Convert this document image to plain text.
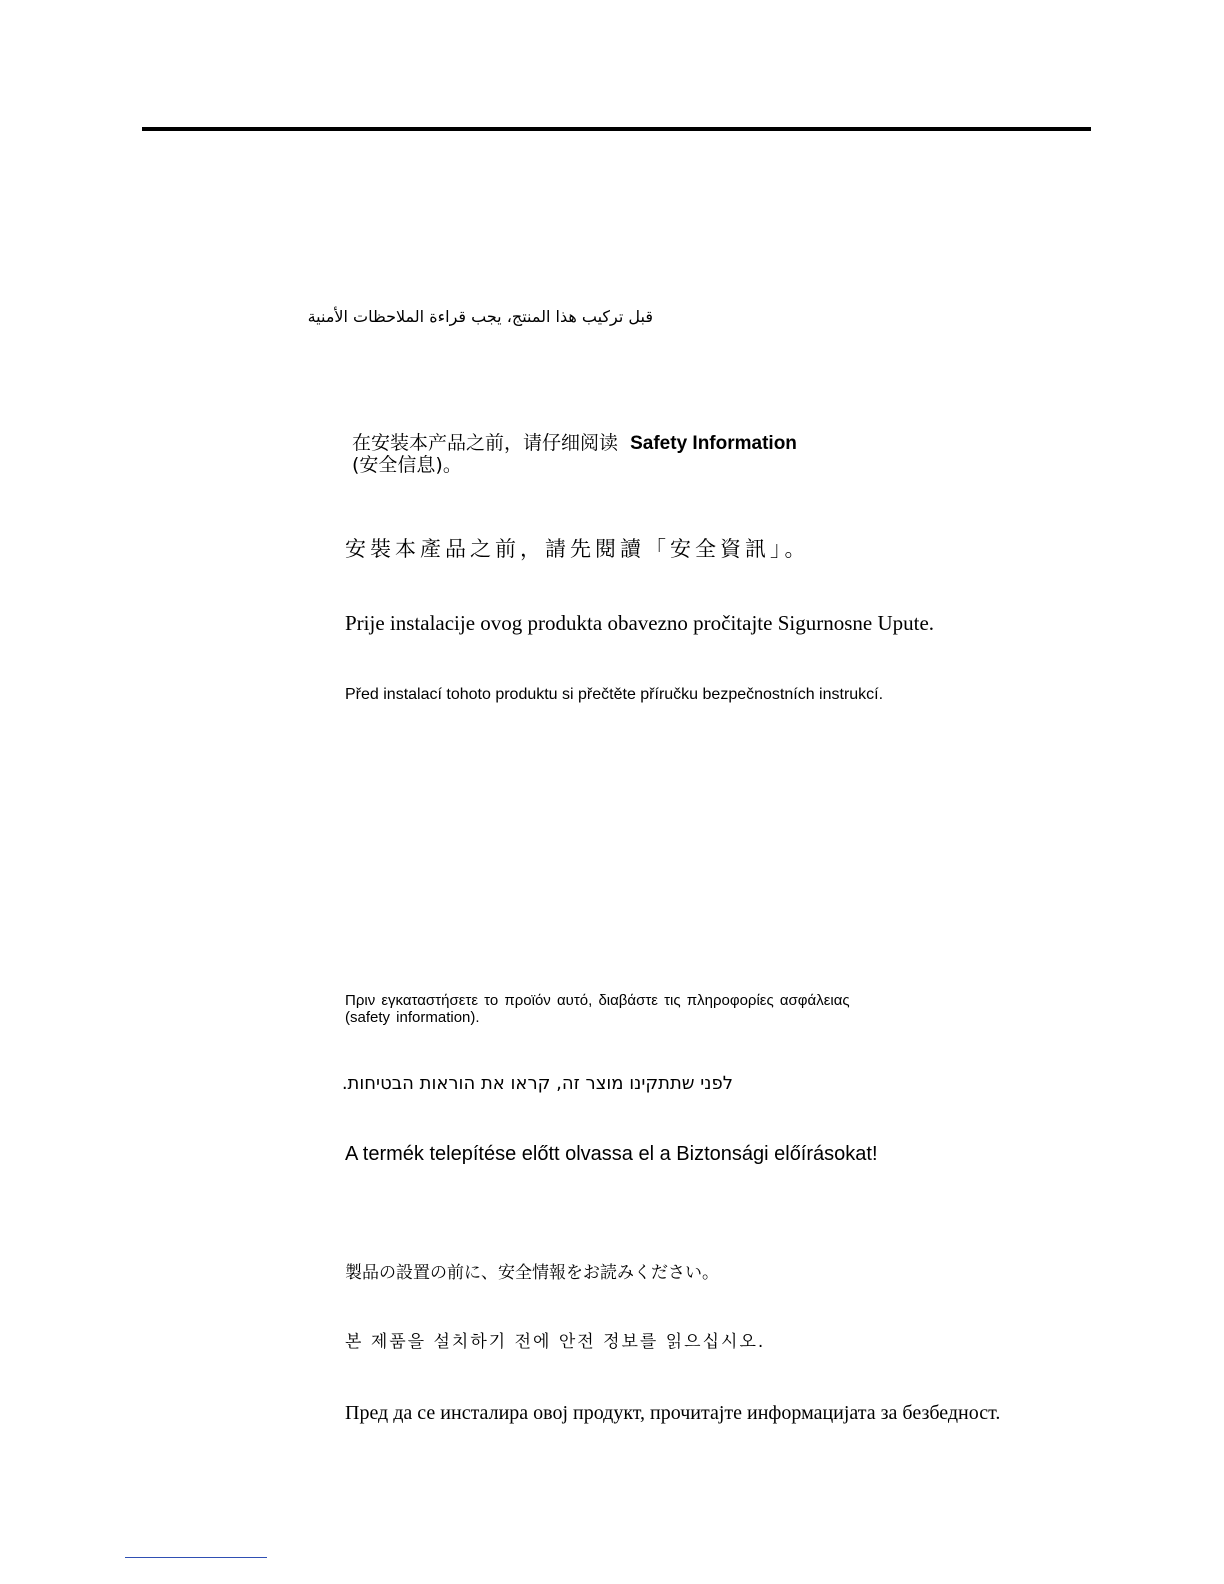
قبل تركيب هذا المنتج، يجب قراءة الملاحظات الأمنية
在安装本产品之前，请仔细阅读 Safety Information
(安全信息)。
安裝本產品之前，請先閱讀「安全資訊」。
Prije instalacije ovog produkta obavezno pročitajte Sigurnosne Upute.
Před instalací tohoto produktu si přečtěte příručku bezpečnostních instrukcí.
Πριν εγκαταστήσετε το προϊόν αυτό, διαβάστε τις πληροφορίες ασφάλειας
(safety information).
לפני שתתקינו מוצר זה, קראו את הוראות הבטיחות.
A termék telepítése előtt olvassa el a Biztonsági előírásokat!
製品の設置の前に、安全情報をお読みください。
본 제품을 설치하기 전에 안전 정보를 읽으십시오.
Пред да се инсталира овој продукт, прочитајте информацијата за безбедност.
